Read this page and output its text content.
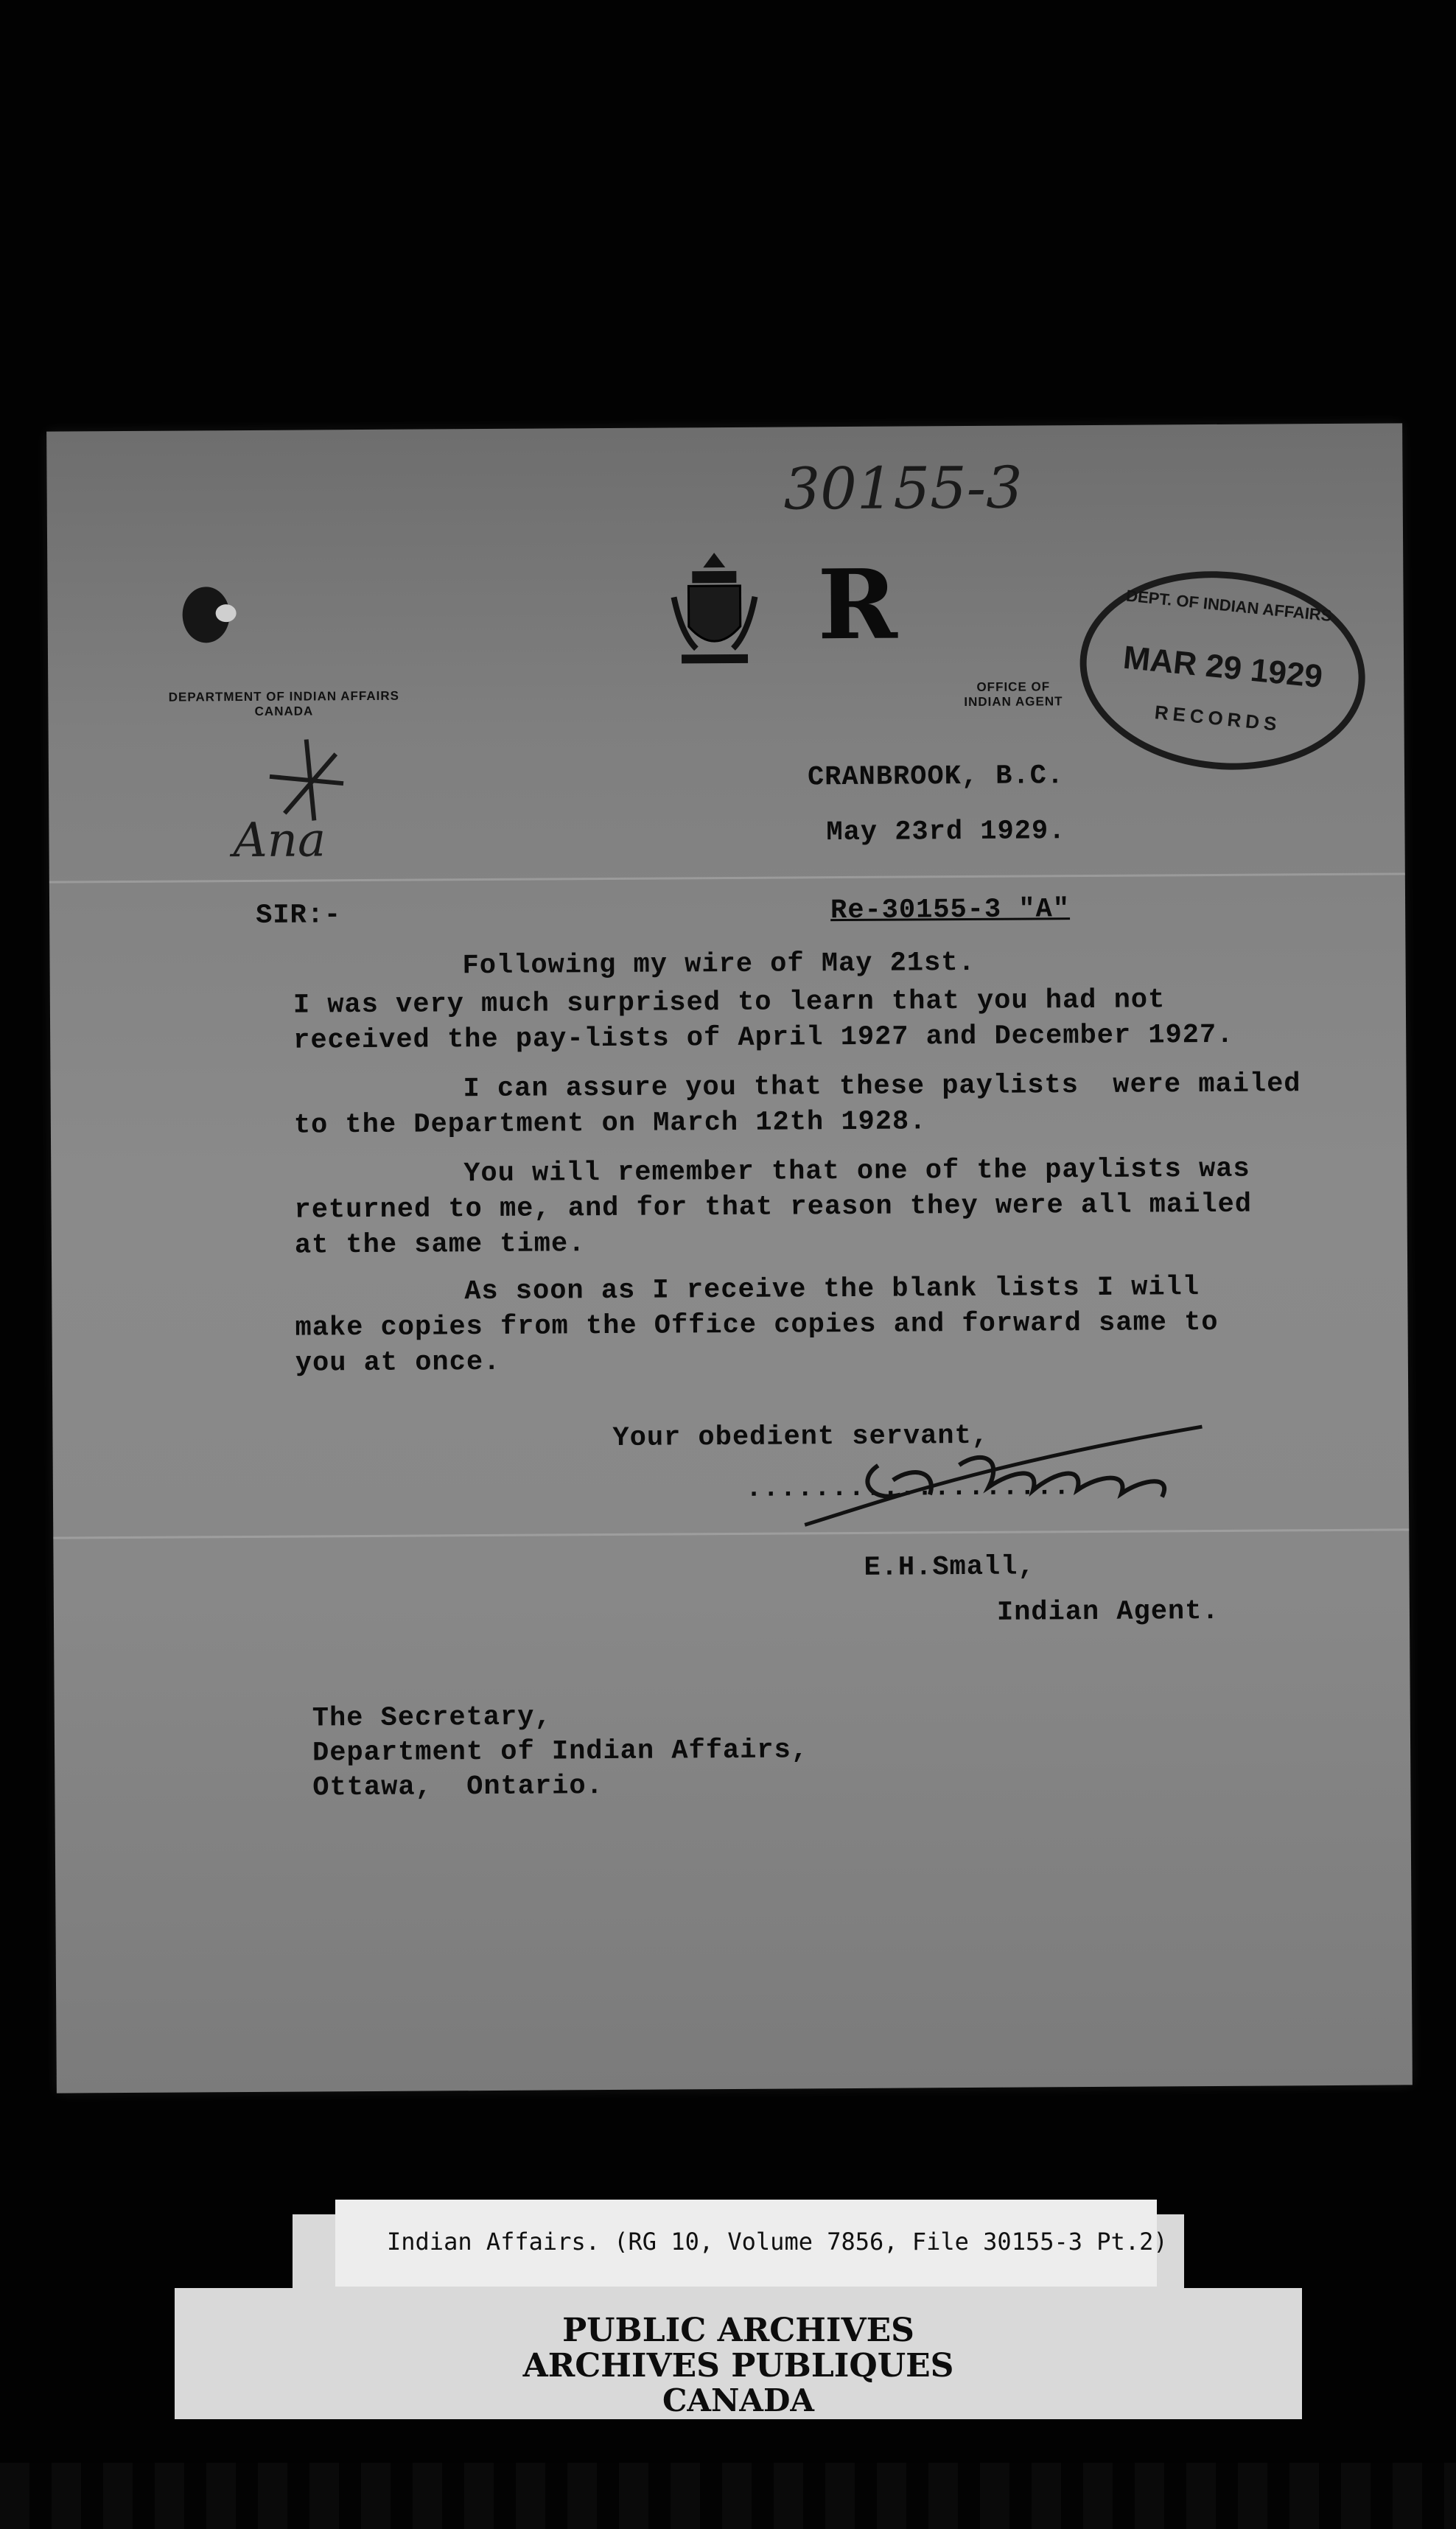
30155-3
DEPARTMENT OF INDIAN AFFAIRS
CANADA
R
OFFICE OF
INDIAN AGENT
DEPT. OF INDIAN AFFAIRS
MAR 29 1929
RECORDS
Ana
CRANBROOK, B.C.
May 23rd 1929.
SIR:-	Re-30155-3 "A"
Following my wire of May 21st.
I was very much surprised to learn that you had not
received the pay-lists of April 1927 and December 1927.
I can assure you that these paylists  were mailed
to the Department on March 12th 1928.
You will remember that one of the paylists was
returned to me, and for that reason they were all mailed
at the same time.
As soon as I receive the blank lists I will
make copies from the Office copies and forward same to
you at once.
Your obedient servant,
...................
E.H.Small,
Indian Agent.
The Secretary,
Department of Indian Affairs,
Ottawa,  Ontario.
PUBLIC ARCHIVES
ARCHIVES PUBLIQUES
CANADA
Indian Affairs. (RG 10, Volume 7856, File 30155-3 Pt.2)
